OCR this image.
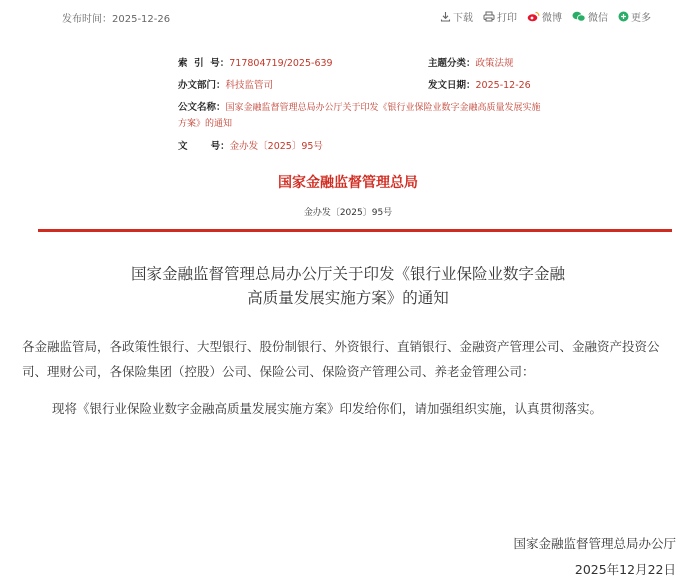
发布时间：2025-12-26	下载 打印	微博	微信 更多
索  引  号：717804719/2025-639	主题分类：政策法规
办文部门：科技监管司	发文日期：2025-12-26
公文名称：国家金融监督管理总局办公厅关于印发《银行业保险业数字金融高质量发展实施
方案》的通知
文       号：金办发〔2025〕95号
国家金融监督管理总局
金办发〔2025〕95号
国家金融监督管理总局办公厅关于印发《银行业保险业数字金融
高质量发展实施方案》的通知
各金融监管局，各政策性银行、大型银行、股份制银行、外资银行、直销银行、金融资产管理公司、金融资产投资公司、理财公司，各保险集团（控股）公司、保险公司、保险资产管理公司、养老金管理公司：
现将《银行业保险业数字金融高质量发展实施方案》印发给你们，请加强组织实施，认真贯彻落实。
国家金融监督管理总局办公厅
2025年12月22日
